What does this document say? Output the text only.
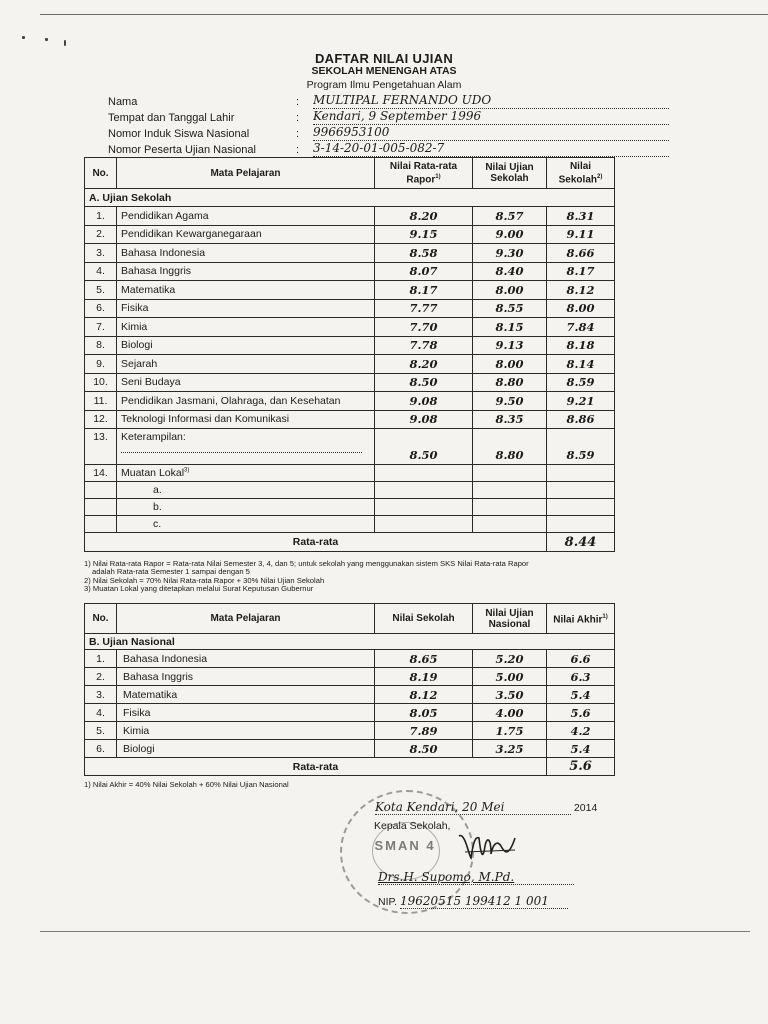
DAFTAR NILAI UJIAN
SEKOLAH MENENGAH ATAS
Program Ilmu Pengetahuan Alam
Nama	: MULTIPAL FERNANDO UDO
Tempat dan Tanggal Lahir	: Kendari, 9 September 1996
Nomor Induk Siswa Nasional	: 9966953100
Nomor Peserta Ujian Nasional	: 3-14-20-01-005-082-7
No.	Mata Pelajaran	Nilai Rata-rata Rapor$^{1)}$	Nilai Ujian Sekolah	Nilai Sekolah$^{2)}$
A. Ujian Sekolah				
1.	Pendidikan Agama	8.20	8.57	8.31
2.	Pendidikan Kewarganegaraan	9.15	9.00	9.11
3.	Bahasa Indonesia	8.58	9.30	8.66
4.	Bahasa Inggris	8.07	8.40	8.17
5.	Matematika	8.17	8.00	8.12
6.	Fisika	7.77	8.55	8.00
7.	Kimia	7.70	8.15	7.84
8.	Biologi	7.78	9.13	8.18
9.	Sejarah	8.20	8.00	8.14
10.	Seni Budaya	8.50	8.80	8.59
11.	Pendidikan Jasmani, Olahraga, dan Kesehatan	9.08	9.50	9.21
12.	Teknologi Informasi dan Komunikasi	9.08	8.35	8.86
13.	Keterampilan:	8.50	8.80	8.59
14.	Muatan Lokal$^{3)}$			
	a.			
	b.			
	c.			
Rata-rata				8.44
1) Nilai Rata-rata Rapor = Rata-rata Nilai Semester 3, 4, dan 5; untuk sekolah yang menggunakan sistem SKS Nilai Rata-rata Rapor
adalah Rata-rata Semester 1 sampai dengan 5
2) Nilai Sekolah = 70% Nilai Rata-rata Rapor + 30% Nilai Ujian Sekolah
3) Muatan Lokal yang ditetapkan melalui Surat Keputusan Gubernur
No.	Mata Pelajaran	Nilai Sekolah	Nilai Ujian Nasional	Nilai Akhir$^{1)}$
B. Ujian Nasional				
1.	Bahasa Indonesia	8.65	5.20	6.6
2.	Bahasa Inggris	8.19	5.00	6.3
3.	Matematika	8.12	3.50	5.4
4.	Fisika	8.05	4.00	5.6
5.	Kimia	7.89	1.75	4.2
6.	Biologi	8.50	3.25	5.4
Rata-rata				5.6
1) Nilai Akhir = 40% Nilai Sekolah + 60% Nilai Ujian Nasional
SMAN 4
Kota Kendari, 20 Mei	2014
Kepala Sekolah,
Drs.H. Supomo, M.Pd.
NIP. 19620515 199412 1 001
